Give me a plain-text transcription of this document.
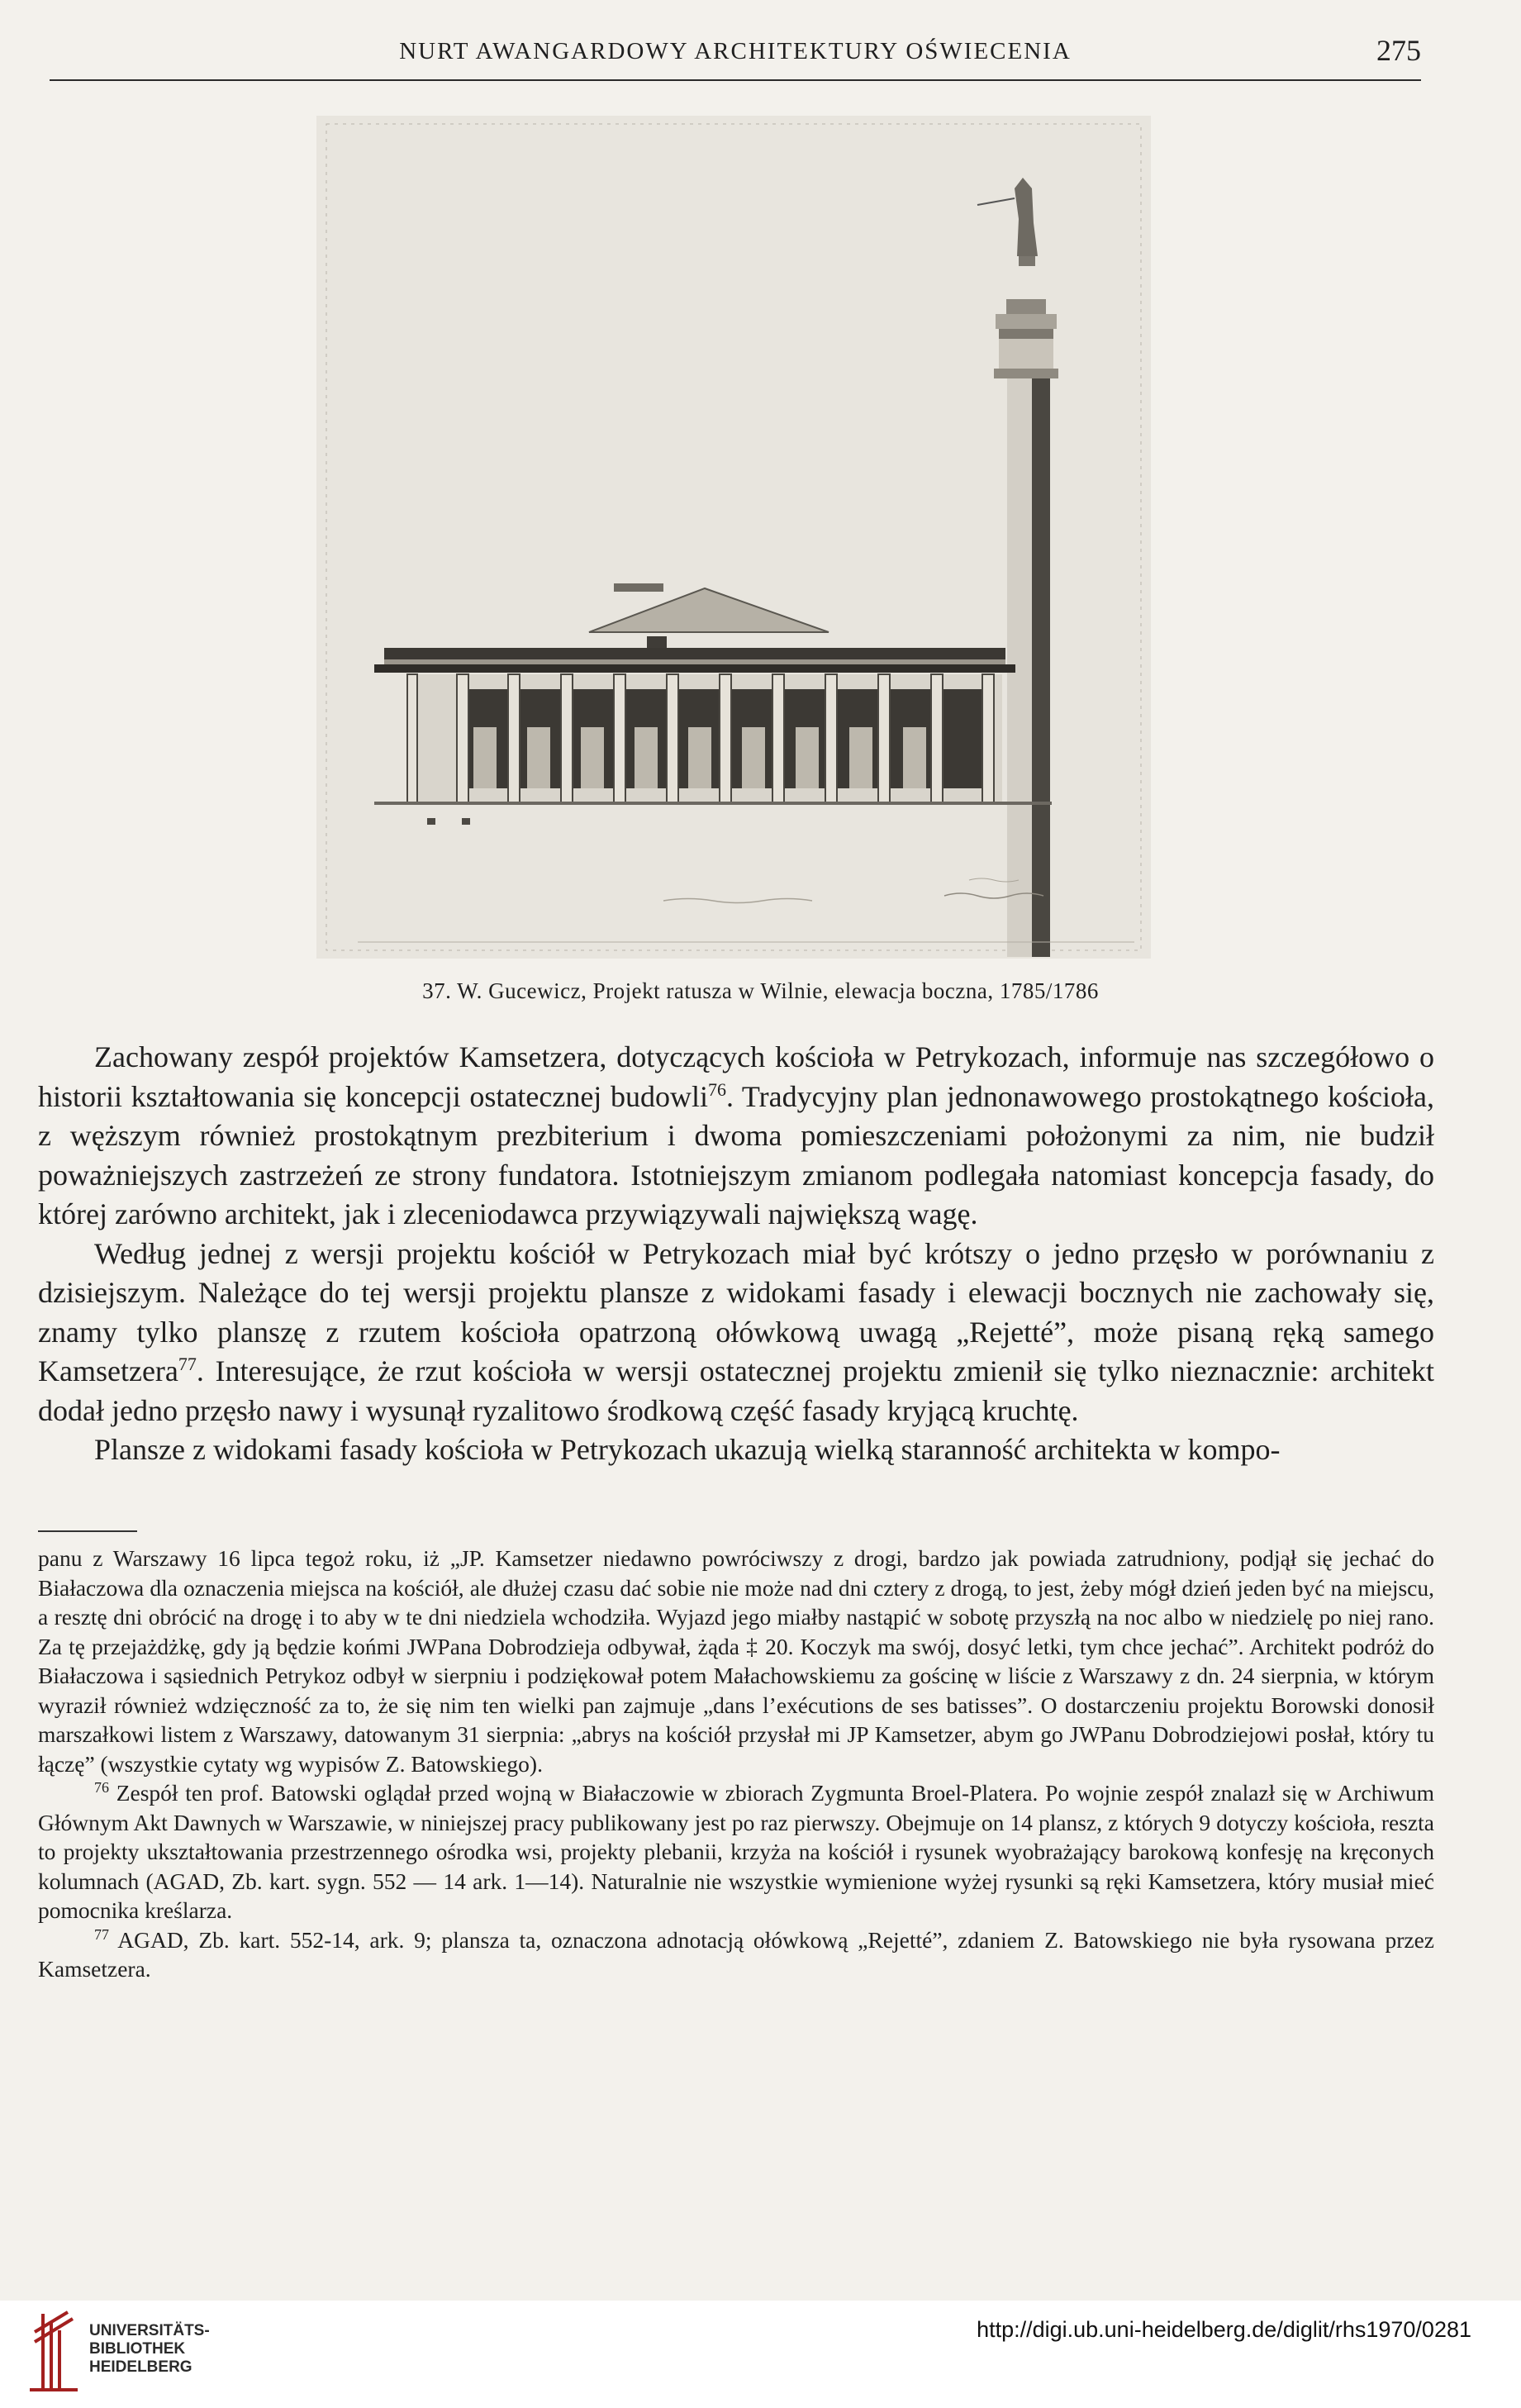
NURT AWANGARDOWY ARCHITEKTURY OŚWIECENIA	275
37. W. Gucewicz, Projekt ratusza w Wilnie, elewacja boczna, 1785/1786

Zachowany zespół projektów Kamsetzera, dotyczących kościoła w Petrykozach, informuje nas szczegółowo o historii kształtowania się koncepcji ostatecznej budowli$^{76}$. Tradycyjny plan jednonawowego prostokątnego kościoła, z węższym również prostokątnym prezbiterium i dwoma pomieszczeniami położonymi za nim, nie budził poważniejszych zastrzeżeń ze strony fundatora. Istotniejszym zmianom podlegała natomiast koncepcja fasady, do której zarówno architekt, jak i zleceniodawca przywiązywali największą wagę.

Według jednej z wersji projektu kościół w Petrykozach miał być krótszy o jedno przęsło w porównaniu z dzisiejszym. Należące do tej wersji projektu plansze z widokami fasady i elewacji bocznych nie zachowały się, znamy tylko planszę z rzutem kościoła opatrzoną ołówkową uwagą „Rejetté”, może pisaną ręką samego Kamsetzera$^{77}$. Interesujące, że rzut kościoła w wersji ostatecznej projektu zmienił się tylko nieznacznie: architekt dodał jedno przęsło nawy i wysunął ryzalitowo środkową część fasady kryjącą kruchtę.

Plansze z widokami fasady kościoła w Petrykozach ukazują wielką staranność architekta w kompo-

panu z Warszawy 16 lipca tegoż roku, iż „JP. Kamsetzer niedawno powróciwszy z drogi, bardzo jak powiada zatrudniony, podjął się jechać do Białaczowa dla oznaczenia miejsca na kościół, ale dłużej czasu dać sobie nie może nad dni cztery z drogą, to jest, żeby mógł dzień jeden być na miejscu, a resztę dni obrócić na drogę i to aby w te dni niedziela wchodziła. Wyjazd jego miałby nastąpić w sobotę przyszłą na noc albo w niedzielę po niej rano. Za tę przejażdżkę, gdy ją będzie końmi JWPana Dobrodzieja odbywał, żąda ‡ 20. Koczyk ma swój, dosyć letki, tym chce jechać”. Architekt podróż do Białaczowa i sąsiednich Petrykoz odbył w sierpniu i podziękował potem Małachowskiemu za gościnę w liście z Warszawy z dn. 24 sierpnia, w którym wyraził również wdzięczność za to, że się nim ten wielki pan zajmuje „dans l’exécutions de ses batisses”. O dostarczeniu projektu Borowski donosił marszałkowi listem z Warszawy, datowanym 31 sierpnia: „abrys na kościół przysłał mi JP Kamsetzer, abym go JWPanu Dobrodziejowi posłał, który tu łączę” (wszystkie cytaty wg wypisów Z. Batowskiego).

$^{76}$ Zespół ten prof. Batowski oglądał przed wojną w Białaczowie w zbiorach Zygmunta Broel-Platera. Po wojnie zespół znalazł się w Archiwum Głównym Akt Dawnych w Warszawie, w niniejszej pracy publikowany jest po raz pierwszy. Obejmuje on 14 plansz, z których 9 dotyczy kościoła, reszta to projekty ukształtowania przestrzennego ośrodka wsi, projekty plebanii, krzyża na kościół i rysunek wyobrażający barokową konfesję na kręconych kolumnach (AGAD, Zb. kart. sygn. 552 — 14 ark. 1—14). Naturalnie nie wszystkie wymienione wyżej rysunki są ręki Kamsetzera, który musiał mieć pomocnika kreślarza.

$^{77}$ AGAD, Zb. kart. 552-14, ark. 9; plansza ta, oznaczona adnotacją ołówkową „Rejetté”, zdaniem Z. Batowskiego nie była rysowana przez Kamsetzera.

UNIVERSITÄTS-
BIBLIOTHEK
HEIDELBERG
http://digi.ub.uni-heidelberg.de/diglit/rhs1970/0281
